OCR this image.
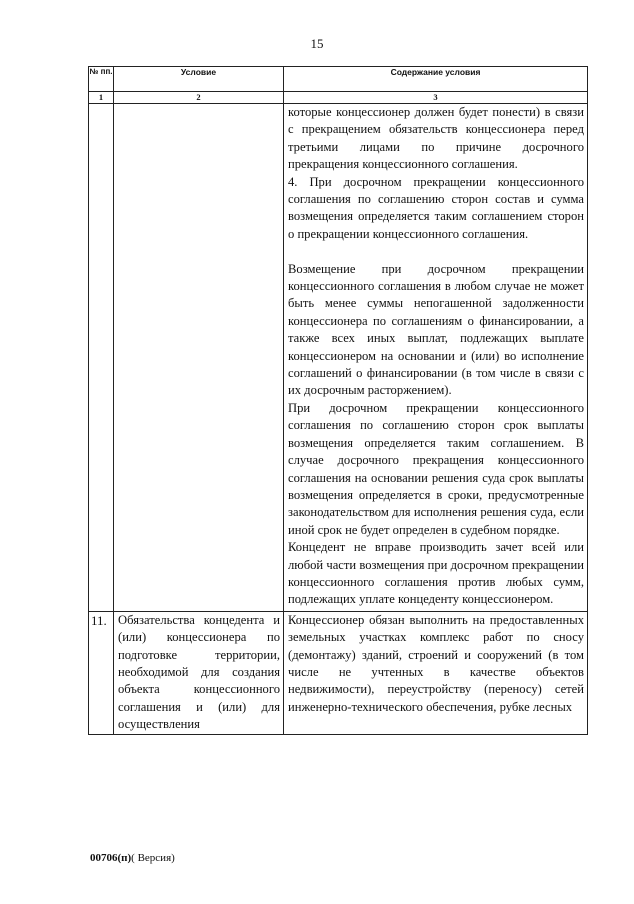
15
№ пп.	Условие	Содержание условия
1	2	3

		которые концессионер должен будет понести) в связи с прекращением обязательств концессионера перед третьими лицами по причине досрочного прекращения концессионного соглашения.

4. При досрочном прекращении концессионного соглашения по соглашению сторон состав и сумма возмещения определяется таким соглашением сторон о прекращении концессионного соглашения.

Возмещение при досрочном прекращении концессионного соглашения в любом случае не может быть менее суммы непогашенной задолженности концессионера по соглашениям о финансировании, а также всех иных выплат, подлежащих выплате концессионером на основании и (или) во исполнение соглашений о финансировании (в том числе в связи с их досрочным расторжением).

При досрочном прекращении концессионного соглашения по соглашению сторон срок выплаты возмещения определяется таким соглашением. В случае досрочного прекращения концессионного соглашения на основании решения суда срок выплаты возмещения определяется в сроки, предусмотренные законодательством для исполнения решения суда, если иной срок не будет определен в судебном порядке.

Концедент не вправе производить зачет всей или любой части возмещения при досрочном прекращении концессионного соглашения против любых сумм, подлежащих уплате концеденту концессионером.

11.	Обязательства концедента и (или) концессионера по подготовке территории, необходимой для создания объекта концессионного соглашения и (или) для осуществления	Концессионер обязан выполнить на предоставленных земельных участках комплекс работ по сносу (демонтажу) зданий, строений и сооружений (в том числе не учтенных в качестве объектов недвижимости), переустройству (переносу) сетей инженерно-технического обеспечения, рубке лесных

00706(п)( Версия)
